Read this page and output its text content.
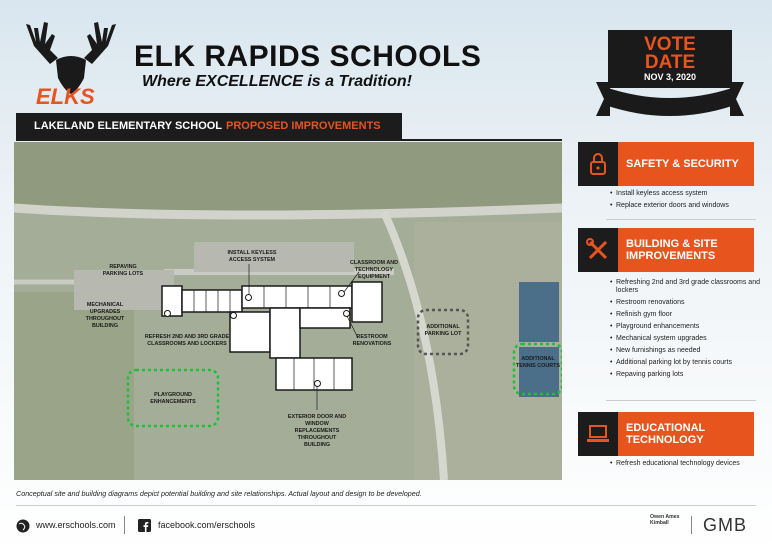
ELKS
ELK RAPIDS SCHOOLS
Where EXCELLENCE is a Tradition!
VOTE
DATE
NOV 3, 2020
LAKELAND ELEMENTARY SCHOOL PROPOSED IMPROVEMENTS
INSTALL KEYLESS ACCESS SYSTEM	CLASSROOM AND TECHNOLOGY EQUIPMENT
REPAVING PARKING LOTS
MECHANICAL UPGRADES THROUGHOUT BUILDING
REFRESH 2ND AND 3RD GRADE CLASSROOMS AND LOCKERS
RESTROOM RENOVATIONS
ADDITIONAL PARKING LOT
ADDITIONAL TENNIS COURTS
PLAYGROUND ENHANCEMENTS
EXTERIOR DOOR AND WINDOW REPLACEMENTS THROUGHOUT BUILDING
SAFETY & SECURITY
• Install keyless access system
• Replace exterior doors and windows
BUILDING & SITE
IMPROVEMENTS
• Refreshing 2nd and 3rd grade classrooms and lockers
• Restroom renovations
• Refinish gym floor
• Playground enhancements
• Mechanical system upgrades
• New furnishings as needed
• Additional parking lot by tennis courts
• Repaving parking lots
EDUCATIONAL
TECHNOLOGY
• Refresh educational technology devices
Conceptual site and building diagrams depict potential building and site relationships. Actual layout and design to be developed.
www.erschools.com	facebook.com/erschools
Owen Ames Kimball	GMB
